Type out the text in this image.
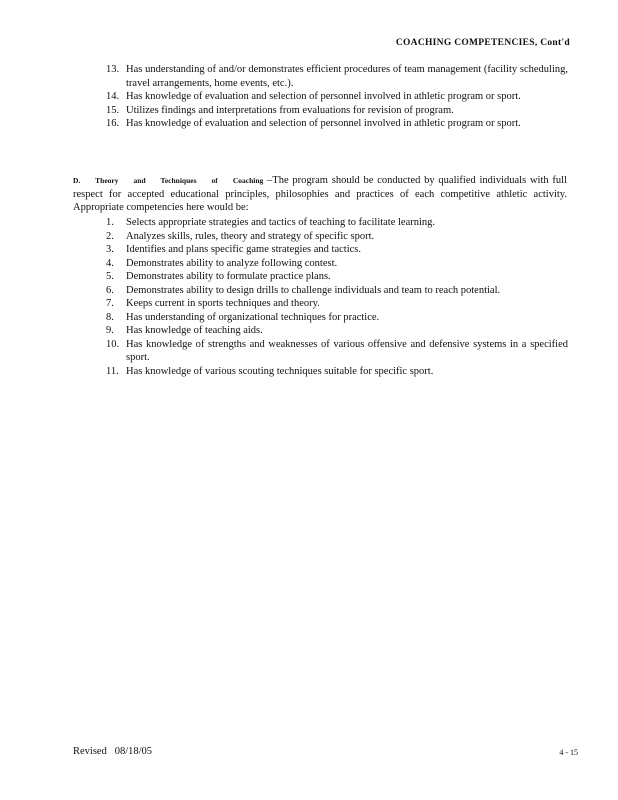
COACHING COMPETENCIES, Cont'd
13. Has understanding of and/or demonstrates efficient procedures of team management (facility scheduling, travel arrangements, home events, etc.).
14. Has knowledge of evaluation and selection of personnel involved in athletic program or sport.
15. Utilizes findings and interpretations from evaluations for revision of program.
16. Has knowledge of evaluation and selection of personnel involved in athletic program or sport.

D. Theory and Techniques of Coaching –The program should be conducted by qualified individuals with full respect for accepted educational principles, philosophies and practices of each competitive athletic activity. Appropriate competencies here would be:

1.	Selects appropriate strategies and tactics of teaching to facilitate learning.
2.	Analyzes skills, rules, theory and strategy of specific sport.
3.	Identifies and plans specific game strategies and tactics.
4.	Demonstrates ability to analyze following contest.
5.	Demonstrates ability to formulate practice plans.
6.	Demonstrates ability to design drills to challenge individuals and team to reach potential.
7.	Keeps current in sports techniques and theory.
8.	Has understanding of organizational techniques for practice.
9.	Has knowledge of teaching aids.
10. Has knowledge of strengths and weaknesses of various offensive and defensive systems in a specified sport.
11. Has knowledge of various scouting techniques suitable for specific sport.
Revised   08/18/05	4 - 15
